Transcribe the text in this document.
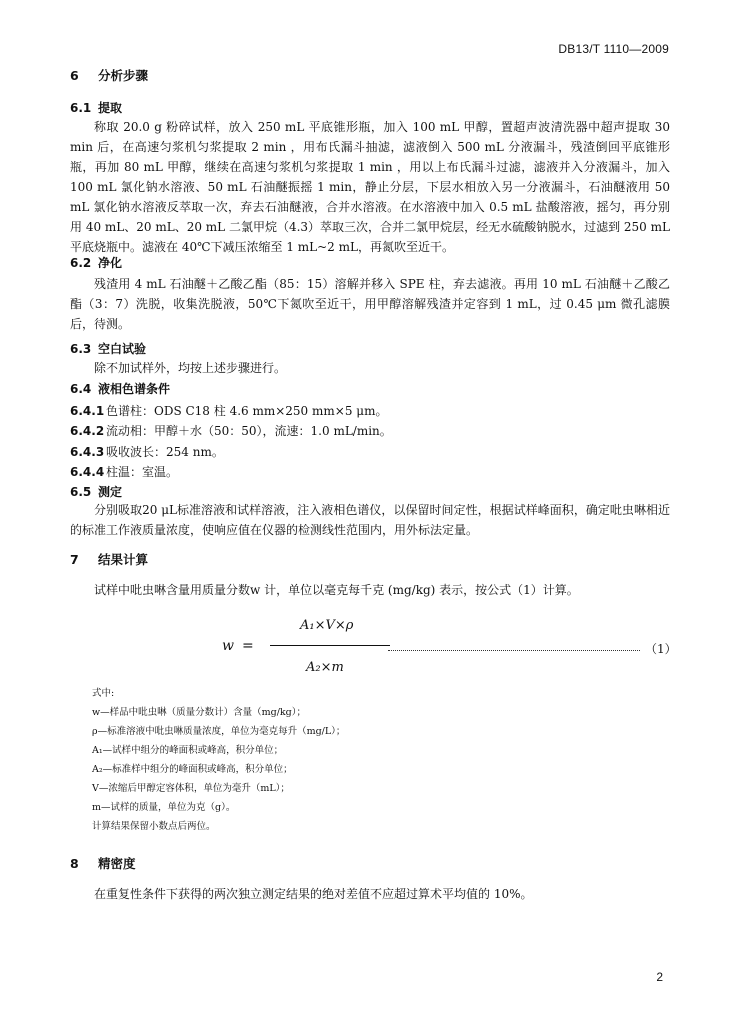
DB13/T 1110—2009
6 分析步骤
6.1 提取
称取 20.0 g 粉碎试样，放入 250 mL 平底锥形瓶，加入 100 mL 甲醇，置超声波清洗器中超声提取 30 min 后，在高速匀浆机匀浆提取 2 min ，用布氏漏斗抽滤，滤液倒入 500 mL 分液漏斗，残渣倒回平底锥形瓶，再加 80 mL 甲醇，继续在高速匀浆机匀浆提取 1 min ，用以上布氏漏斗过滤，滤液并入分液漏斗，加入 100 mL 氯化钠水溶液、50 mL 石油醚振摇 1 min，静止分层，下层水相放入另一分液漏斗，石油醚液用 50 mL 氯化钠水溶液反萃取一次，弃去石油醚液，合并水溶液。在水溶液中加入 0.5 mL 盐酸溶液，摇匀，再分别用 40 mL、20 mL、20 mL 二氯甲烷（4.3）萃取三次，合并二氯甲烷层，经无水硫酸钠脱水，过滤到 250 mL 平底烧瓶中。滤液在 40℃下减压浓缩至 1 mL~2 mL，再氮吹至近干。
6.2 净化
残渣用 4 mL 石油醚＋乙酸乙酯（85：15）溶解并移入 SPE 柱，弃去滤液。再用 10 mL 石油醚＋乙酸乙酯（3：7）洗脱，收集洗脱液，50℃下氮吹至近干，用甲醇溶解残渣并定容到 1 mL，过 0.45 μm 微孔滤膜后，待测。
6.3 空白试验
除不加试样外，均按上述步骤进行。
6.4 液相色谱条件
6.4.1 色谱柱：ODS C18 柱 4.6 mm×250 mm×5 μm。
6.4.2 流动相：甲醇＋水（50：50），流速：1.0 mL/min。
6.4.3 吸收波长：254 nm。
6.4.4 柱温：室温。
6.5 测定
分别吸取20 μL标准溶液和试样溶液，注入液相色谱仪，以保留时间定性，根据试样峰面积，确定吡虫啉相近的标准工作液质量浓度，使响应值在仪器的检测线性范围内，用外标法定量。
7 结果计算
试样中吡虫啉含量用质量分数w 计，单位以毫克每千克 (mg/kg) 表示，按公式（1）计算。
w =
A₁×V×ρ
A₂×m
（1）
式中:
w—样品中吡虫啉（质量分数计）含量（mg/kg）；
ρ—标准溶液中吡虫啉质量浓度，单位为毫克每升（mg/L）；
A₁—试样中组分的峰面积或峰高，积分单位；
A₂—标准样中组分的峰面积或峰高，积分单位；
V—浓缩后甲醇定容体积，单位为毫升（mL）；
m—试样的质量，单位为克（g）。
计算结果保留小数点后两位。
8 精密度
在重复性条件下获得的两次独立测定结果的绝对差值不应超过算术平均值的 10%。
2
